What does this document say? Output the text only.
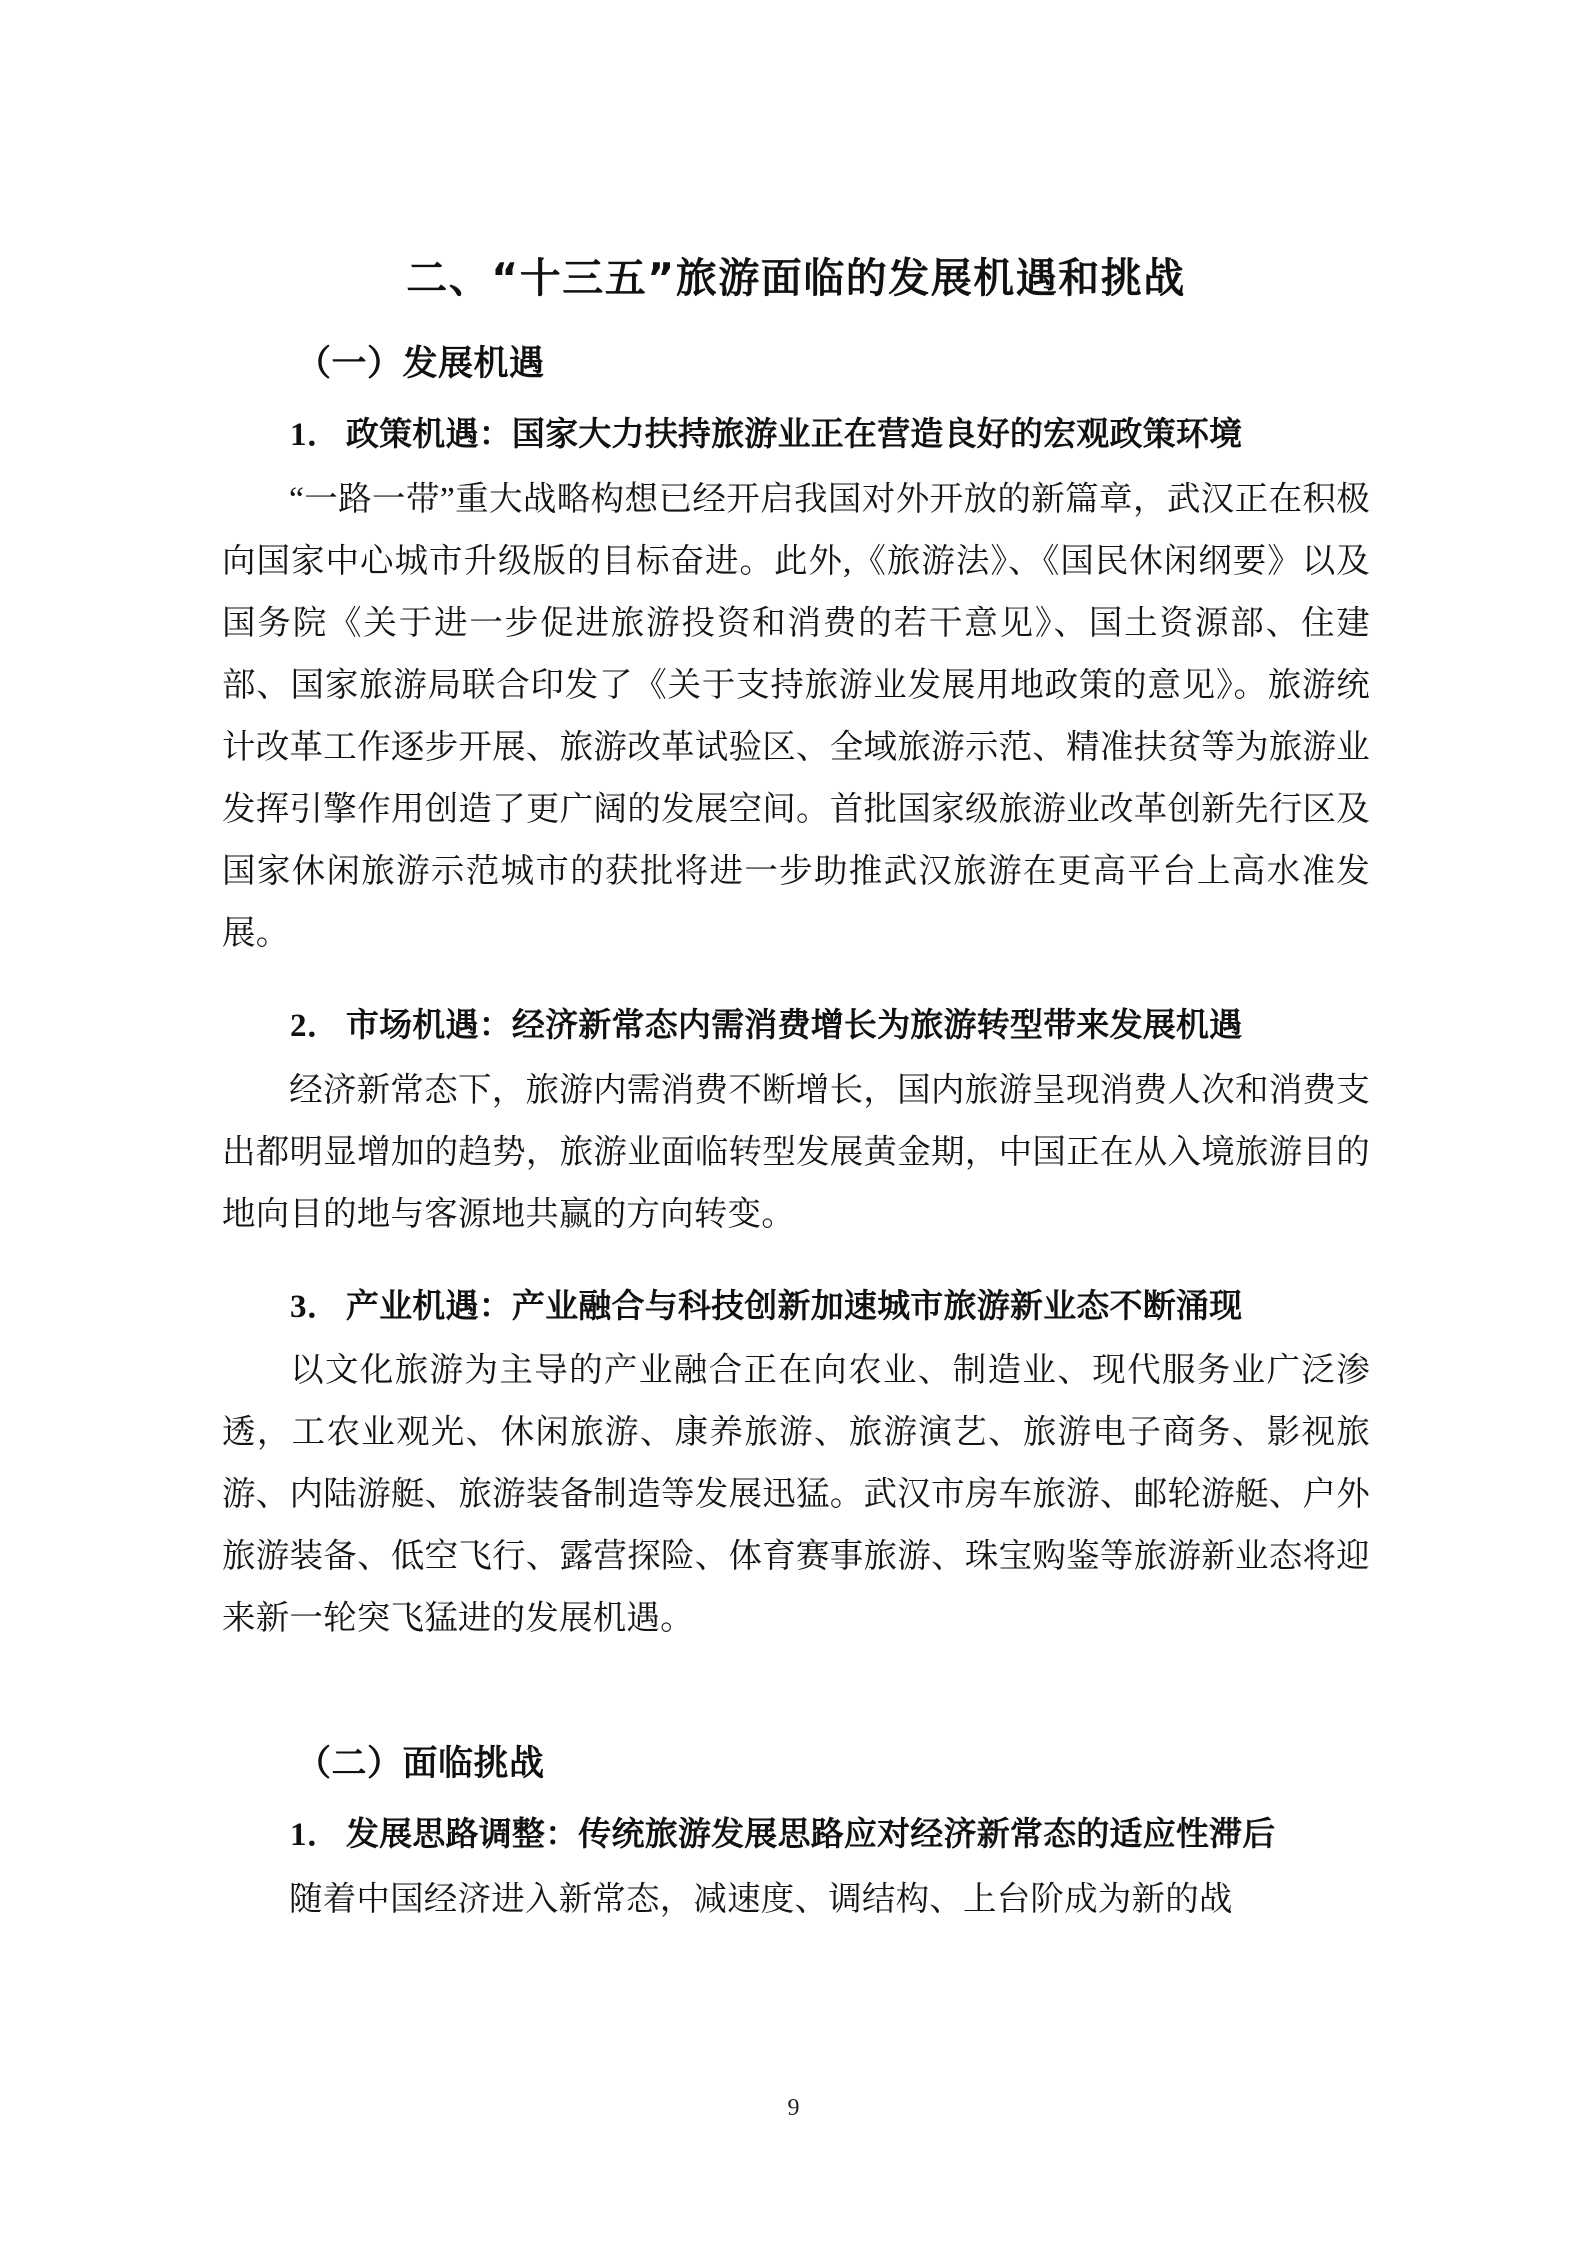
二、“十三五”旅游面临的发展机遇和挑战
（一）发展机遇
1． 政策机遇：国家大力扶持旅游业正在营造良好的宏观政策环境

“一路一带”重大战略构想已经开启我国对外开放的新篇章，武汉正在积极向国家中心城市升级版的目标奋进。此外,《旅游法》、《国民休闲纲要》以及国务院《关于进一步促进旅游投资和消费的若干意见》、国土资源部、住建部、国家旅游局联合印发了《关于支持旅游业发展用地政策的意见》。旅游统计改革工作逐步开展、旅游改革试验区、全域旅游示范、精准扶贫等为旅游业发挥引擎作用创造了更广阔的发展空间。首批国家级旅游业改革创新先行区及国家休闲旅游示范城市的获批将进一步助推武汉旅游在更高平台上高水准发展。

2． 市场机遇：经济新常态内需消费增长为旅游转型带来发展机遇

经济新常态下，旅游内需消费不断增长，国内旅游呈现消费人次和消费支出都明显增加的趋势，旅游业面临转型发展黄金期，中国正在从入境旅游目的地向目的地与客源地共赢的方向转变。

3． 产业机遇：产业融合与科技创新加速城市旅游新业态不断涌现

以文化旅游为主导的产业融合正在向农业、制造业、现代服务业广泛渗透，工农业观光、休闲旅游、康养旅游、旅游演艺、旅游电子商务、影视旅游、内陆游艇、旅游装备制造等发展迅猛。武汉市房车旅游、邮轮游艇、户外旅游装备、低空飞行、露营探险、体育赛事旅游、珠宝购鉴等旅游新业态将迎来新一轮突飞猛进的发展机遇。

（二）面临挑战
1． 发展思路调整：传统旅游发展思路应对经济新常态的适应性滞后

随着中国经济进入新常态，减速度、调结构、上台阶成为新的战

9
